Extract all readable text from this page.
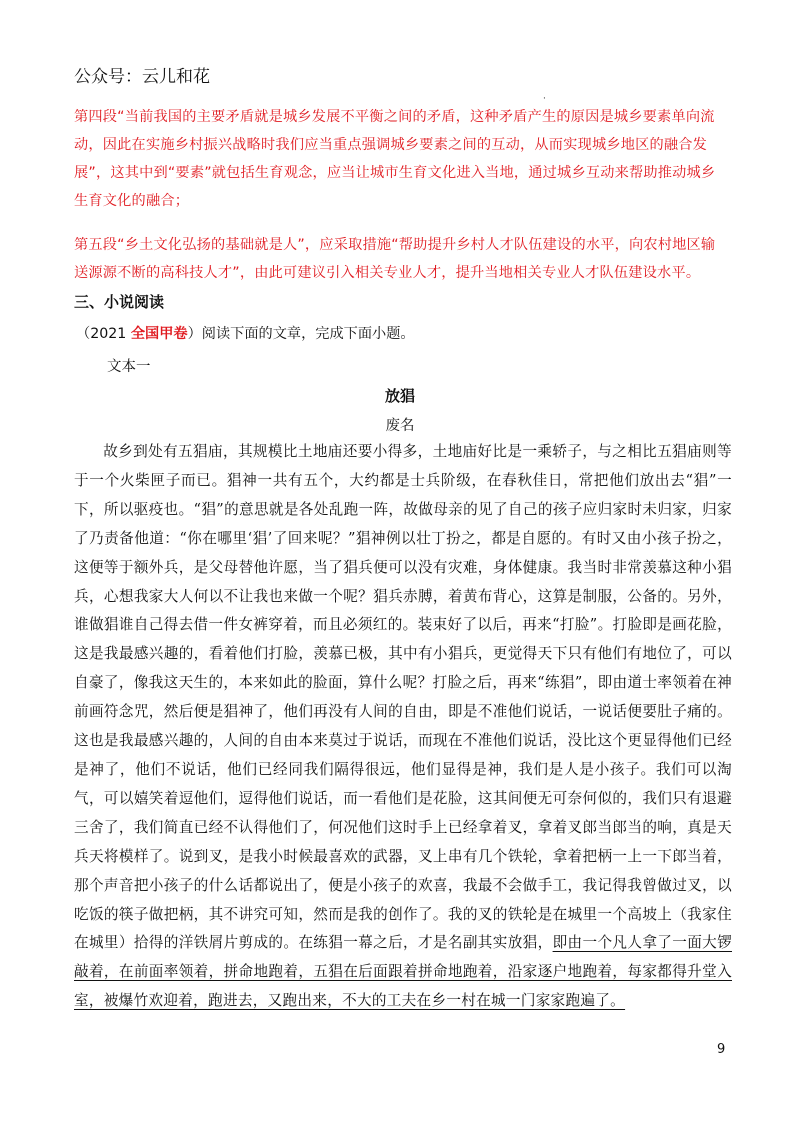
公众号：云儿和花
·

第四段“当前我国的主要矛盾就是城乡发展不平衡之间的矛盾，这种矛盾产生的原因是城乡要素单向流动，因此在实施乡村振兴战略时我们应当重点强调城乡要素之间的互动，从而实现城乡地区的融合发展”，这其中到“要素”就包括生育观念，应当让城市生育文化进入当地，通过城乡互动来帮助推动城乡生育文化的融合；

第五段“乡土文化弘扬的基础就是人”，应采取措施“帮助提升乡村人才队伍建设的水平，向农村地区输送源源不断的高科技人才”，由此可建议引入相关专业人才，提升当地相关专业人才队伍建设水平。

三、小说阅读
（2021 全国甲卷）阅读下面的文章，完成下面小题。
文本一
放猖
废名

故乡到处有五猖庙，其规模比土地庙还要小得多，土地庙好比是一乘轿子，与之相比五猖庙则等于一个火柴匣子而已。猖神一共有五个，大约都是士兵阶级，在春秋佳日，常把他们放出去“猖”一下，所以驱疫也。“猖”的意思就是各处乱跑一阵，故做母亲的见了自己的孩子应归家时未归家，归家了乃责备他道：“你在哪里‘猖’了回来呢？”猖神例以壮丁扮之，都是自愿的。有时又由小孩子扮之，这便等于额外兵，是父母替他许愿，当了猖兵便可以没有灾难，身体健康。我当时非常羡慕这种小猖兵，心想我家大人何以不让我也来做一个呢？猖兵赤膊，着黄布背心，这算是制服，公备的。另外，谁做猖谁自己得去借一件女裤穿着，而且必须红的。装束好了以后，再来“打脸”。打脸即是画花脸，这是我最感兴趣的，看着他们打脸，羡慕已极，其中有小猖兵，更觉得天下只有他们有地位了，可以自豪了，像我这天生的，本来如此的脸面，算什么呢？打脸之后，再来“练猖”，即由道士率领着在神前画符念咒，然后便是猖神了，他们再没有人间的自由，即是不准他们说话，一说话便要肚子痛的。这也是我最感兴趣的，人间的自由本来莫过于说话，而现在不准他们说话，没比这个更显得他们已经是神了，他们不说话，他们已经同我们隔得很远，他们显得是神，我们是人是小孩子。我们可以淘气，可以嬉笑着逗他们，逗得他们说话，而一看他们是花脸，这其间便无可奈何似的，我们只有退避三舍了，我们简直已经不认得他们了，何况他们这时手上已经拿着叉，拿着叉郎当郎当的响，真是天兵天将模样了。说到叉，是我小时候最喜欢的武器，叉上串有几个铁轮，拿着把柄一上一下郎当着，那个声音把小孩子的什么话都说出了，便是小孩子的欢喜，我最不会做手工，我记得我曾做过叉，以吃饭的筷子做把柄，其不讲究可知，然而是我的创作了。我的叉的铁轮是在城里一个高坡上（我家住在城里）拾得的洋铁屑片剪成的。在练猖一幕之后，才是名副其实放猖，即由一个凡人拿了一面大锣敲着，在前面率领着，拼命地跑着，五猖在后面跟着拼命地跑着，沿家逐户地跑着，每家都得升堂入室，被爆竹欢迎着，跑进去，又跑出来，不大的工夫在乡一村在城一门家家跑遍了。

9
